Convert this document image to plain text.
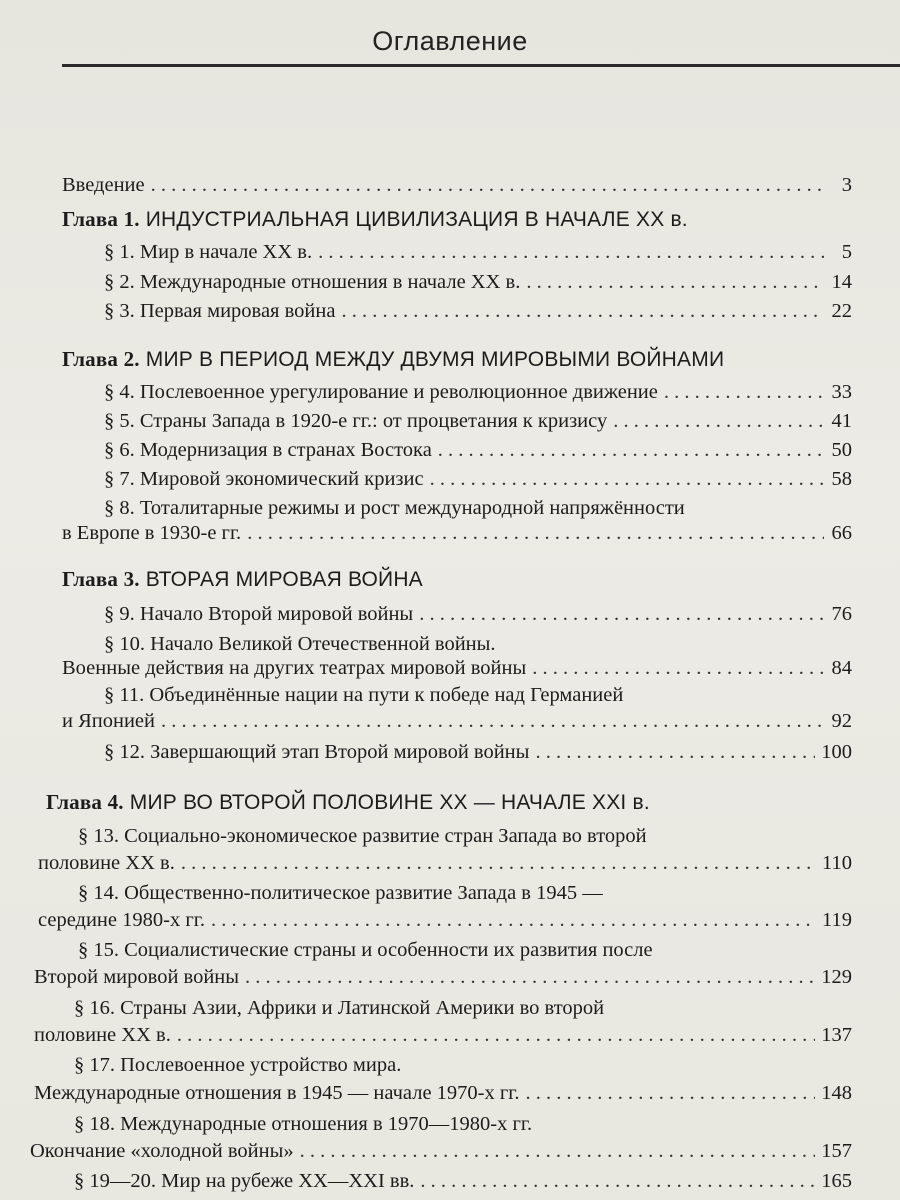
Оглавление
Введение . . .	3
Глава 1. ИНДУСТРИАЛЬНАЯ ЦИВИЛИЗАЦИЯ В НАЧАЛЕ XX в.
§ 1. Мир в начале XX в. . . .	5
§ 2. Международные отношения в начале XX в. . . .	14
§ 3. Первая мировая война . . .	22
Глава 2. МИР В ПЕРИОД МЕЖДУ ДВУМЯ МИРОВЫМИ ВОЙНАМИ
§ 4. Послевоенное урегулирование и революционное движение . . .	33
§ 5. Страны Запада в 1920-е гг.: от процветания к кризису . . .	41
§ 6. Модернизация в странах Востока . . .	50
§ 7. Мировой экономический кризис . . .	58
§ 8. Тоталитарные режимы и рост международной напряжённости
в Европе в 1930-е гг. . . .	66
Глава 3. ВТОРАЯ МИРОВАЯ ВОЙНА
§ 9. Начало Второй мировой войны . . .	76
§ 10. Начало Великой Отечественной войны.
Военные действия на других театрах мировой войны . . .	84
§ 11. Объединённые нации на пути к победе над Германией
и Японией . . .	92
§ 12. Завершающий этап Второй мировой войны . . .	100
Глава 4. МИР ВО ВТОРОЙ ПОЛОВИНЕ XX — НАЧАЛЕ XXI в.
§ 13. Социально-экономическое развитие стран Запада во второй
половине XX в. . . .	110
§ 14. Общественно-политическое развитие Запада в 1945 —
середине 1980-х гг. . . .	119
§ 15. Социалистические страны и особенности их развития после
Второй мировой войны . . .	129
§ 16. Страны Азии, Африки и Латинской Америки во второй
половине XX в. . . .	137
§ 17. Послевоенное устройство мира.
Международные отношения в 1945 — начале 1970-х гг. . . .	148
§ 18. Международные отношения в 1970—1980-х гг.
Окончание «холодной войны» . . .	157
§ 19—20. Мир на рубеже XX—XXI вв. . . .	165
